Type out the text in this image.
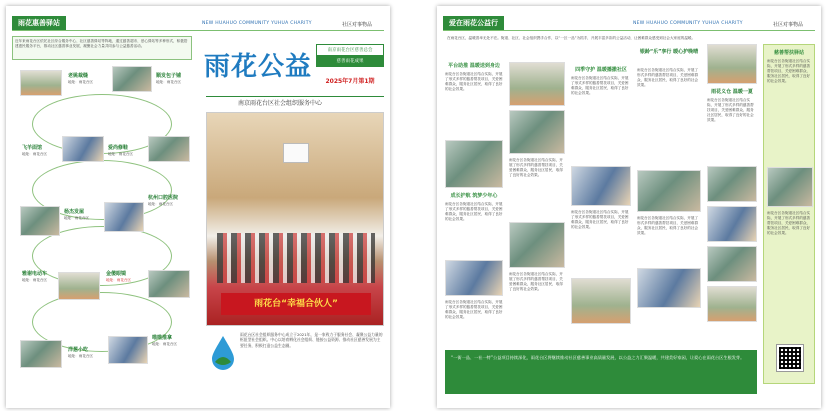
雨花惠善驿站	NEW HUAHUO COMMUNITY YUHUA CHARITY	社区对事物品
近年来雨花台区依托社区综合服务中心、社区慈善驿站等阵地，通过慈善超市、爱心驿站等多种形式，积极搭建惠民服务平台，推动社区慈善事业发展，凝聚社会力量共同参与公益慈善活动。
老姚裁缝
地址：雨花台区
顺发包子铺
地址：雨花台区
飞羊面馆
地址：雨花台区
爱尚修鞋
地址：雨花台区
杨杰发屋
地址：雨花台区
杭州口腔医院
地址：雨花台区
雅谢电动车
地址：雨花台区
金傻眼镜
地址：雨花台区
洋葱小吃
地址：雨花台区
喵喵推拿
地址：雨花台区
雨花公益
南京雨花台区慈善总会
慈善雨花成果
2025年7月第1期
南京雨花台区社会组织服务中心
雨花台“幸福合伙人”
雨花台区社会组织服务中心成立于2021年，是一家致力于服务社会、凝聚公益力量的枢纽型社会组织。中心以培育孵化社会组织、链接公益资源、推动社区慈善发展为主要任务，积极打造公益生态圈。
爱在雨花公益行	NEW HUAHUO COMMUNITY YUHUA CHARITY	社区对事物品
在雨花台区，温暖善举无处不在。街道、社区、社会组织携手合作，以“一区一品”为抓手，开展丰富多彩的公益活动，让困难群众感受到社会大家庭的温暖。
平台助推 温暖送到身边
雨花台区各街道社区结合实际，开展了形式多样的慈善帮扶项目，关爱困难群众，服务社区居民，取得了良好的社会效果。
成长护航 筑梦少年心
雨花台区各街道社区结合实际，开展了形式多样的慈善帮扶项目，关爱困难群众，服务社区居民，取得了良好的社会效果。
雨花台区各街道社区结合实际，开展了形式多样的慈善帮扶项目，关爱困难群众，服务社区居民，取得了良好的社会效果。
雨花台区各街道社区结合实际，开展了形式多样的慈善帮扶项目，关爱困难群众，服务社区居民，取得了良好的社会效果。
雨花台区各街道社区结合实际，开展了形式多样的慈善帮扶项目，关爱困难群众，服务社区居民，取得了良好的社会效果。
四季守护 温暖播撒社区
雨花台区各街道社区结合实际，开展了形式多样的慈善帮扶项目，关爱困难群众，服务社区居民，取得了良好的社会效果。
雨花台区各街道社区结合实际，开展了形式多样的慈善帮扶项目，关爱困难群众，服务社区居民，取得了良好的社会效果。
银龄“乐”享行 暖心护晚晴
雨花台区各街道社区结合实际，开展了形式多样的慈善帮扶项目，关爱困难群众，服务社区居民，取得了良好的社会效果。
雨花台区各街道社区结合实际，开展了形式多样的慈善帮扶项目，关爱困难群众，服务社区居民，取得了良好的社会效果。
雨花义仓 温暖一夏
雨花台区各街道社区结合实际，开展了形式多样的慈善帮扶项目，关爱困难群众，服务社区居民，取得了良好的社会效果。
慈善帮扶驿站
雨花台区各街道社区结合实际，开展了形式多样的慈善帮扶项目，关爱困难群众，服务社区居民，取得了良好的社会效果。
雨花台区各街道社区结合实际，开展了形式多样的慈善帮扶项目，关爱困难群众，服务社区居民，取得了良好的社会效果。
“一街一品、一社一特”公益项目持续深化，雨花台区将继续推动社区慈善事业高质量发展，以公益之力汇聚温暖，共建美好家园，让爱心在雨花台区生根发芽。
